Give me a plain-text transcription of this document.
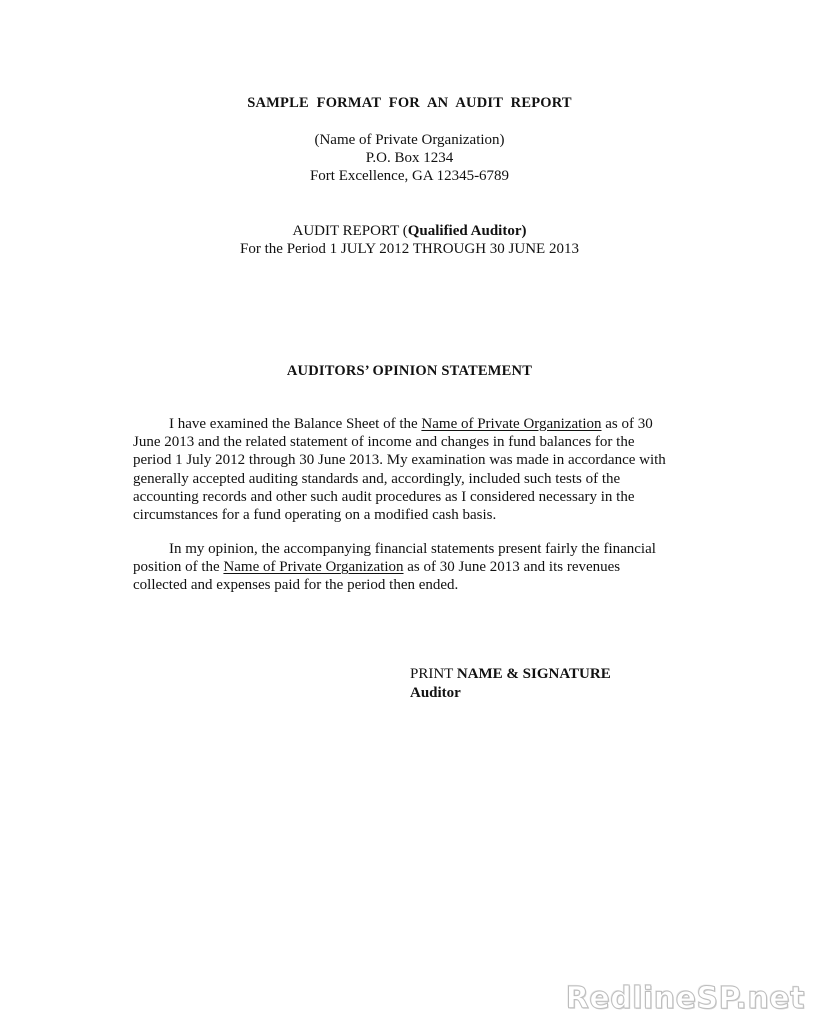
SAMPLE FORMAT FOR AN AUDIT REPORT
(Name of Private Organization)
P.O. Box 1234
Fort Excellence, GA 12345-6789
AUDIT REPORT (Qualified Auditor)
For the Period 1 JULY 2012 THROUGH 30 JUNE 2013
AUDITORS’ OPINION STATEMENT
I have examined the Balance Sheet of the Name of Private Organization as of 30
June 2013 and the related statement of income and changes in fund balances for the
period 1 July 2012 through 30 June 2013. My examination was made in accordance with
generally accepted auditing standards and, accordingly, included such tests of the
accounting records and other such audit procedures as I considered necessary in the
circumstances for a fund operating on a modified cash basis.
In my opinion, the accompanying financial statements present fairly the financial
position of the Name of Private Organization as of 30 June 2013 and its revenues
collected and expenses paid for the period then ended.
PRINT NAME & SIGNATURE
Auditor
RedlineSP.net
